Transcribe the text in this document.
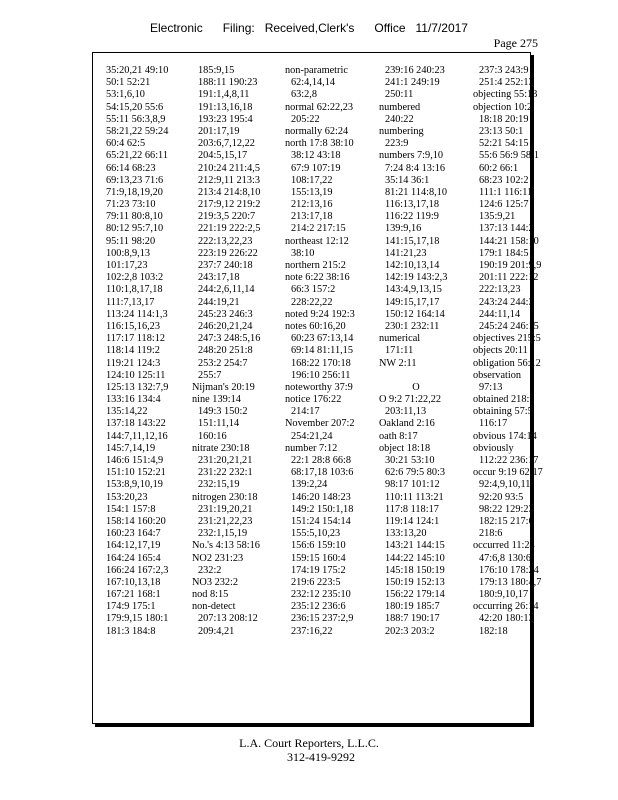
Electronic      Filing:   Received,Clerk's      Office   11/7/2017
Page 275
35:20,21 49:10
50:1 52:21
53:1,6,10
54:15,20 55:6
55:11 56:3,8,9
58:21,22 59:24
60:4 62:5
65:21,22 66:11
66:14 68:23
69:13,23 71:6
71:9,18,19,20
71:23 73:10
79:11 80:8,10
80:12 95:7,10
95:11 98:20
100:8,9,13
101:17,23
102:2,8 103:2
110:1,8,17,18
111:7,13,17
113:24 114:1,3
116:15,16,23
117:17 118:12
118:14 119:2
119:21 124:3
124:10 125:11
125:13 132:7,9
133:16 134:4
135:14,22
137:18 143:22
144:7,11,12,16
145:7,14,19
146:6 151:4,9
151:10 152:21
153:8,9,10,19
153:20,23
154:1 157:8
158:14 160:20
160:23 164:7
164:12,17,19
164:24 165:4
166:24 167:2,3
167:10,13,18
167:21 168:1
174:9 175:1
179:9,15 180:1
181:3 184:8
185:9,15
188:11 190:23
191:1,4,8,11
191:13,16,18
193:23 195:4
201:17,19
203:6,7,12,22
204:5,15,17
210:24 211:4,5
212:9,11 213:3
213:4 214:8,10
217:9,12 219:2
219:3,5 220:7
221:19 222:2,5
222:13,22,23
223:19 226:22
237:7 240:18
243:17,18
244:2,6,11,14
244:19,21
245:23 246:3
246:20,21,24
247:3 248:5,16
248:20 251:8
253:2 254:7
255:7
Nijman's 20:19
nine 139:14
149:3 150:2
151:11,14
160:16
nitrate 230:18
231:20,21,21
231:22 232:1
232:15,19
nitrogen 230:18
231:19,20,21
231:21,22,23
232:1,15,19
No.'s 4:13 58:16
NO2 231:23
232:2
NO3 232:2
nod 8:15
non-detect
207:13 208:12
209:4,21
non-parametric
62:4,14,14
63:2,8
normal 62:22,23
205:22
normally 62:24
north 17:8 38:10
38:12 43:18
67:9 107:19
108:17,22
155:13,19
212:13,16
213:17,18
214:2 217:15
northeast 12:12
38:10
northern 215:2
note 6:22 38:16
66:3 157:2
228:22,22
noted 9:24 192:3
notes 60:16,20
60:23 67:13,14
69:14 81:11,15
168:22 170:18
196:10 256:11
noteworthy 37:9
notice 176:22
214:17
November 207:2
254:21,24
number 7:12
22:1 28:8 66:8
68:17,18 103:6
139:2,24
146:20 148:23
149:2 150:1,18
151:24 154:14
155:5,10,23
156:6 159:10
159:15 160:4
174:19 175:2
219:6 223:5
232:12 235:10
235:12 236:6
236:15 237:2,9
237:16,22
239:16 240:23
241:1 249:19
250:11
numbered
240:22
numbering
223:9
numbers 7:9,10
7:24 8:4 13:16
35:14 36:1
81:21 114:8,10
116:13,17,18
116:22 119:9
139:9,16
141:15,17,18
141:21,23
142:10,13,14
142:19 143:2,3
143:4,9,13,15
149:15,17,17
150:12 164:14
230:1 232:11
numerical
171:11
NW 2:11
O
O 9:2 71:22,22
203:11,13
Oakland 2:16
oath 8:17
object 18:18
30:21 53:10
62:6 79:5 80:3
98:17 101:12
110:11 113:21
117:8 118:17
119:14 124:1
133:13,20
143:21 144:15
144:22 145:10
145:18 150:19
150:19 152:13
156:22 179:14
180:19 185:7
188:7 190:17
202:3 203:2
237:3 243:9
251:4 252:13
objecting 55:13
objection 10:2
18:18 20:19
23:13 50:1
52:21 54:15
55:6 56:9 58:1
60:2 66:1
68:23 102:2
111:1 116:11
124:6 125:7
135:9,21
137:13 144:2
144:21 158:10
179:1 184:5
190:19 201:9,9
201:11 222:12
222:13,23
243:24 244:3
244:11,14
245:24 246:15
objectives 215:5
objects 20:11
obligation 56:12
observation
97:13
obtained 218:1
obtaining 57:5
116:17
obvious 174:14
obviously
112:22 236:17
occur 9:19 62:17
92:4,9,10,11
92:20 93:5
98:22 129:23
182:15 217:6
218:6
occurred 11:24
47:6,8 130:6
176:10 178:24
179:13 180:4,7
180:9,10,17
occurring 26:14
42:20 180:13
182:18
L.A. Court Reporters, L.L.C.
312-419-9292
